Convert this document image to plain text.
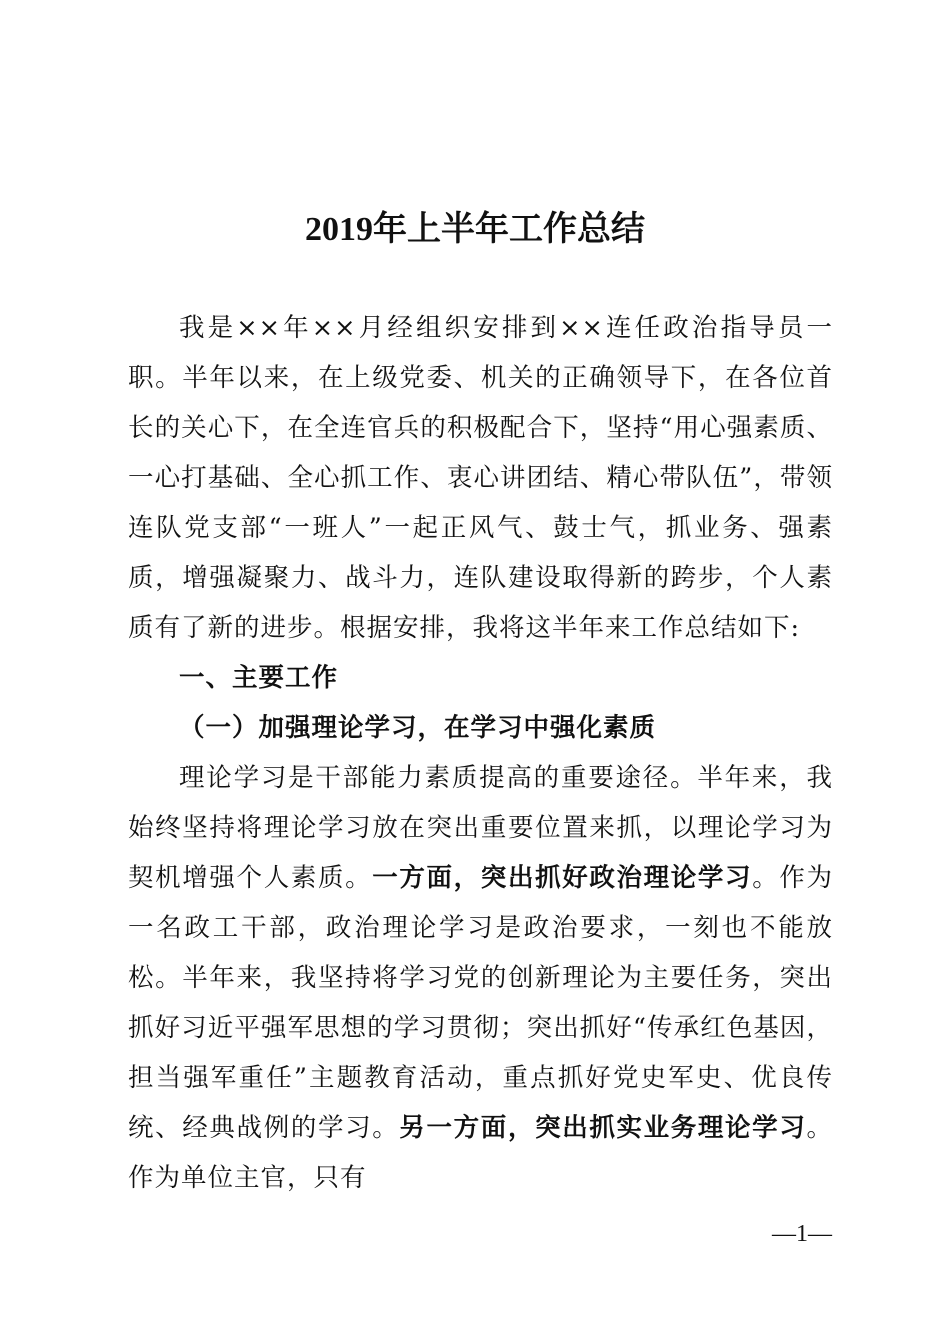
2019年上半年工作总结

我是××年××月经组织安排到××连任政治指导员一职。半年以来，在上级党委、机关的正确领导下，在各位首长的关心下，在全连官兵的积极配合下，坚持“用心强素质、一心打基础、全心抓工作、衷心讲团结、精心带队伍”，带领连队党支部“一班人”一起正风气、鼓士气，抓业务、强素质，增强凝聚力、战斗力，连队建设取得新的跨步，个人素质有了新的进步。根据安排，我将这半年来工作总结如下:

一、主要工作

（一）加强理论学习，在学习中强化素质

理论学习是干部能力素质提高的重要途径。半年来，我始终坚持将理论学习放在突出重要位置来抓，以理论学习为契机增强个人素质。一方面，突出抓好政治理论学习。作为一名政工干部，政治理论学习是政治要求，一刻也不能放松。半年来，我坚持将学习党的创新理论为主要任务，突出抓好习近平强军思想的学习贯彻；突出抓好“传承红色基因，担当强军重任”主题教育活动，重点抓好党史军史、优良传统、经典战例的学习。另一方面，突出抓实业务理论学习。作为单位主官，只有

—1—
